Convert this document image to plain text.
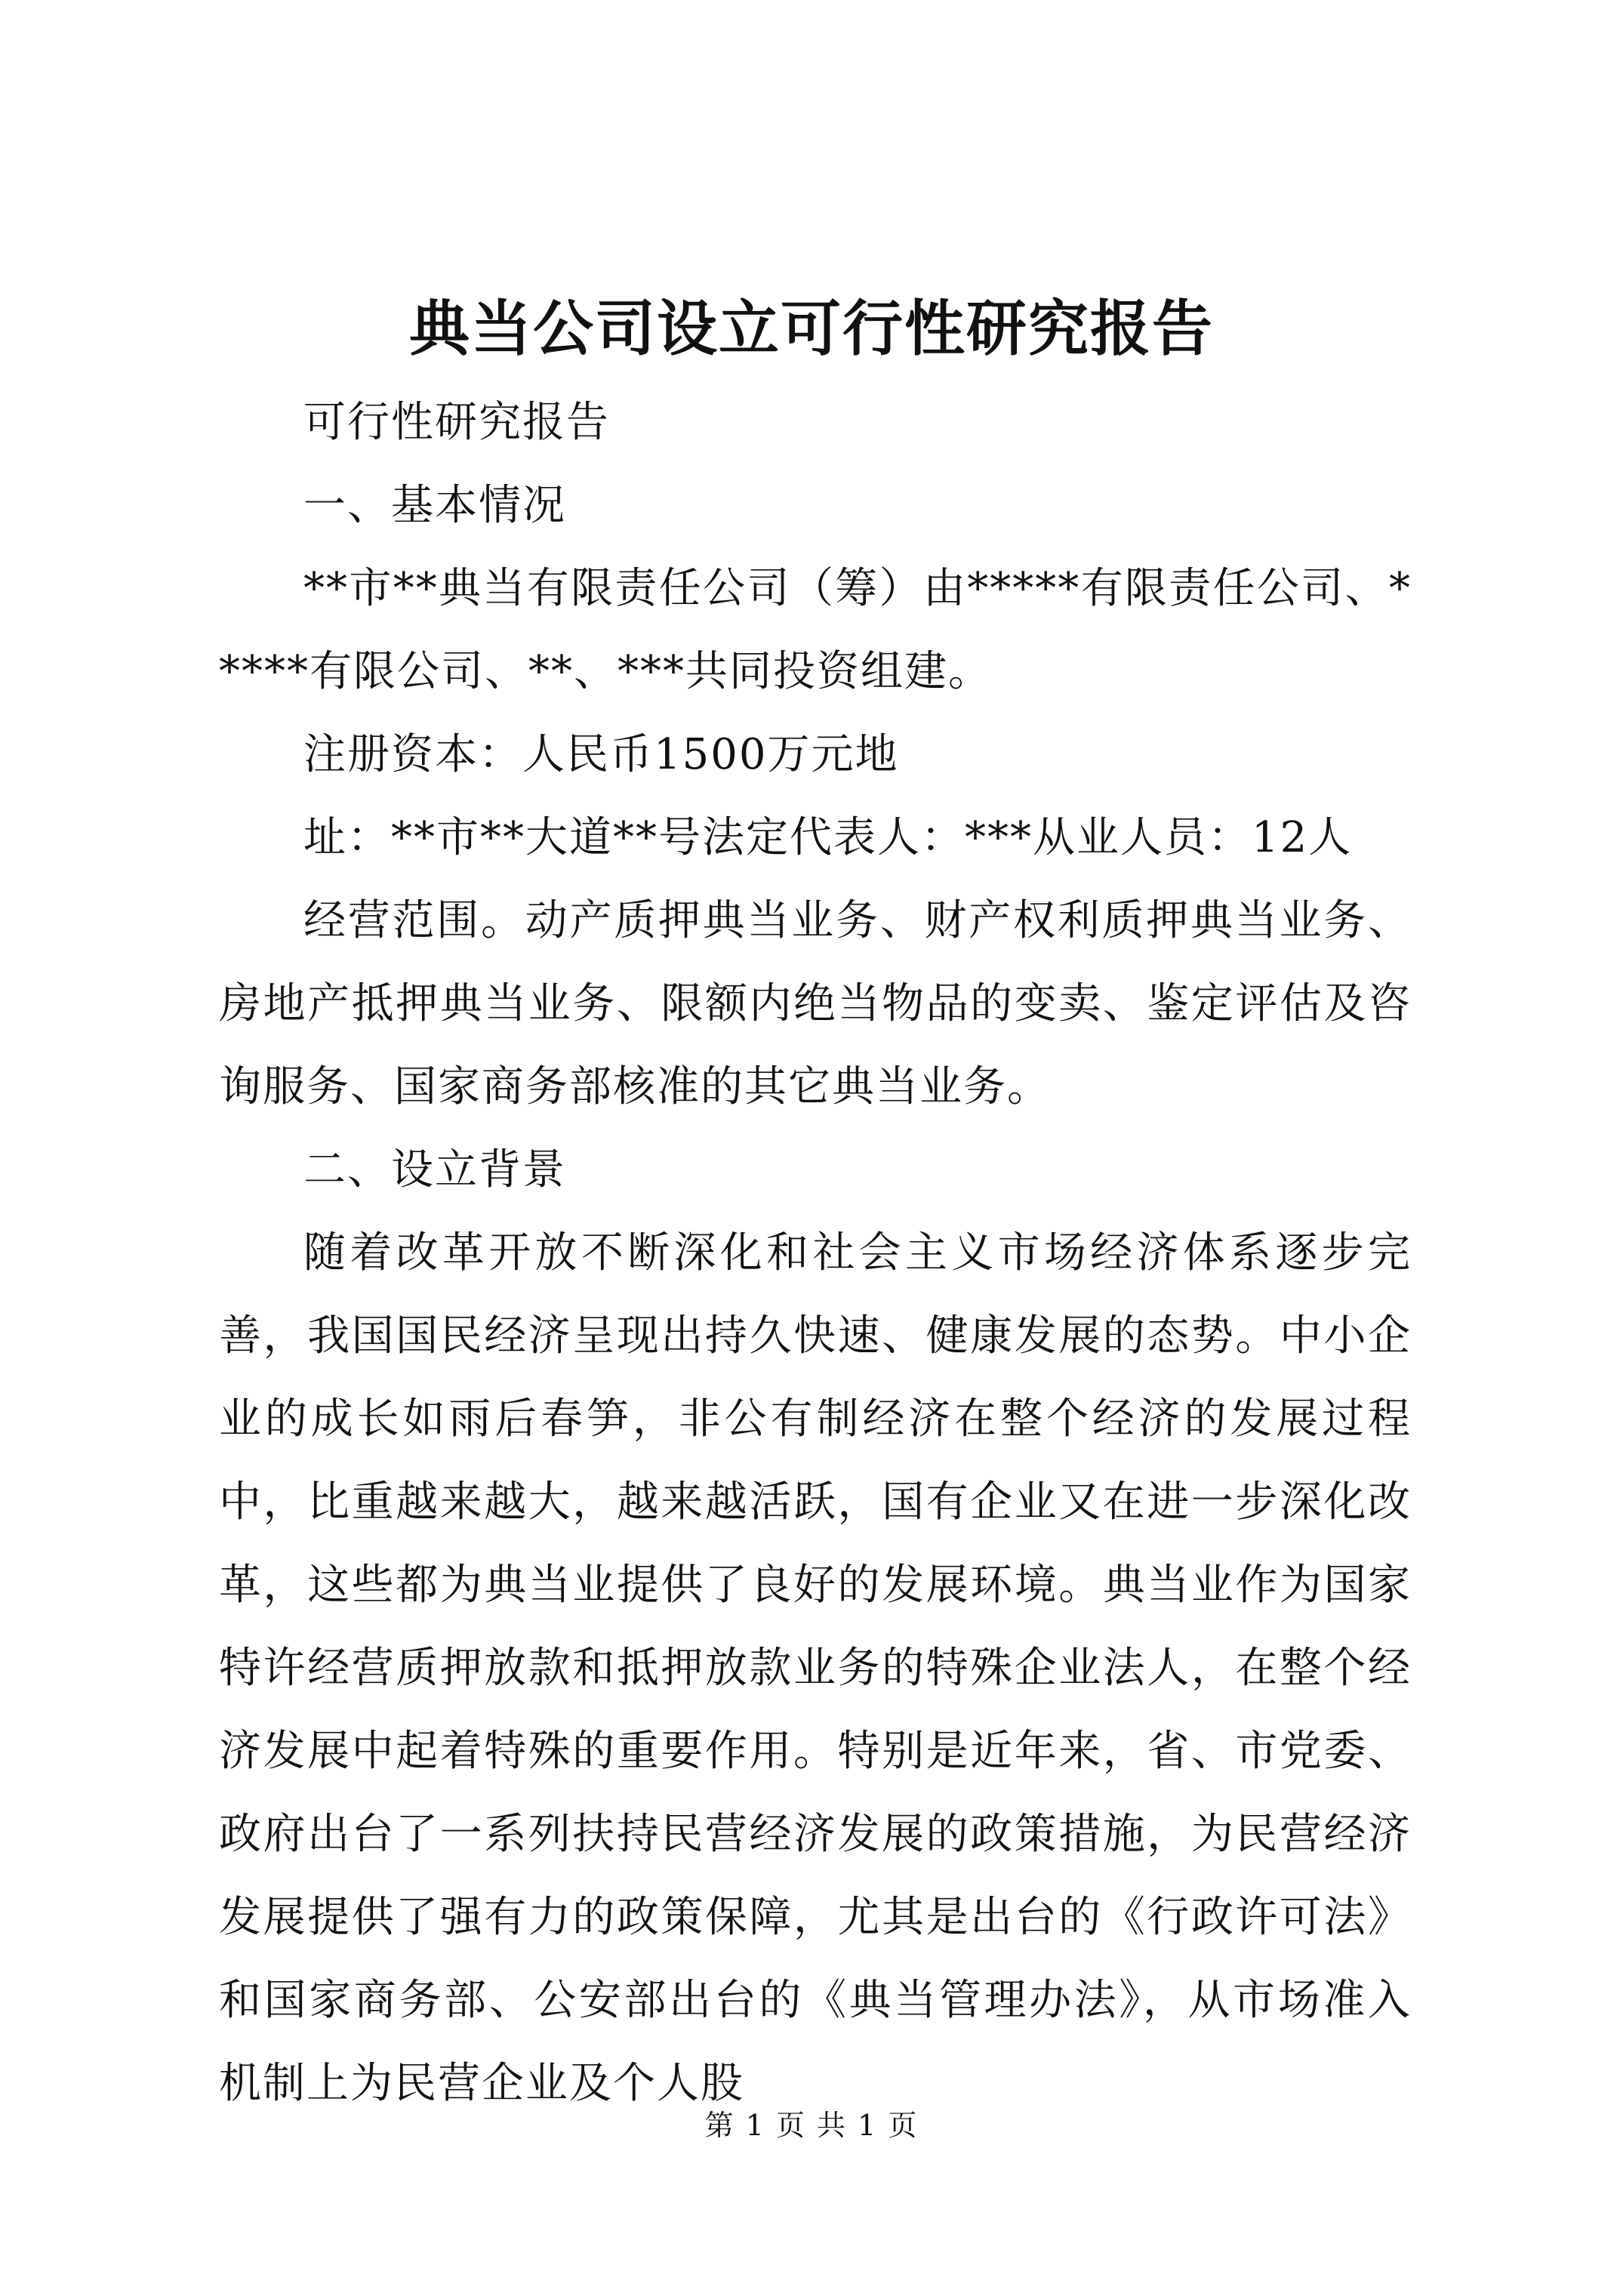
典当公司设立可行性研究报告

可行性研究报告

一、基本情况

**市**典当有限责任公司（筹）由*****有限责任公司、*****有限公司、**、***共同投资组建。

注册资本：人民币1500万元地

址：**市**大道**号法定代表人：***从业人员：12人

经营范围。动产质押典当业务、财产权利质押典当业务、房地产抵押典当业务、限额内绝当物品的变卖、鉴定评估及咨询服务、国家商务部核准的其它典当业务。

二、设立背景

随着改革开放不断深化和社会主义市场经济体系逐步完善，我国国民经济呈现出持久快速、健康发展的态势。中小企业的成长如雨后春笋，非公有制经济在整个经济的发展过程中，比重越来越大，越来越活跃，国有企业又在进一步深化改革，这些都为典当业提供了良好的发展环境。典当业作为国家特许经营质押放款和抵押放款业务的特殊企业法人，在整个经济发展中起着特殊的重要作用。特别是近年来，省、市党委、政府出台了一系列扶持民营经济发展的政策措施，为民营经济发展提供了强有力的政策保障，尤其是出台的《行政许可法》和国家商务部、公安部出台的《典当管理办法》，从市场准入机制上为民营企业及个人股

第 1 页 共 1 页
